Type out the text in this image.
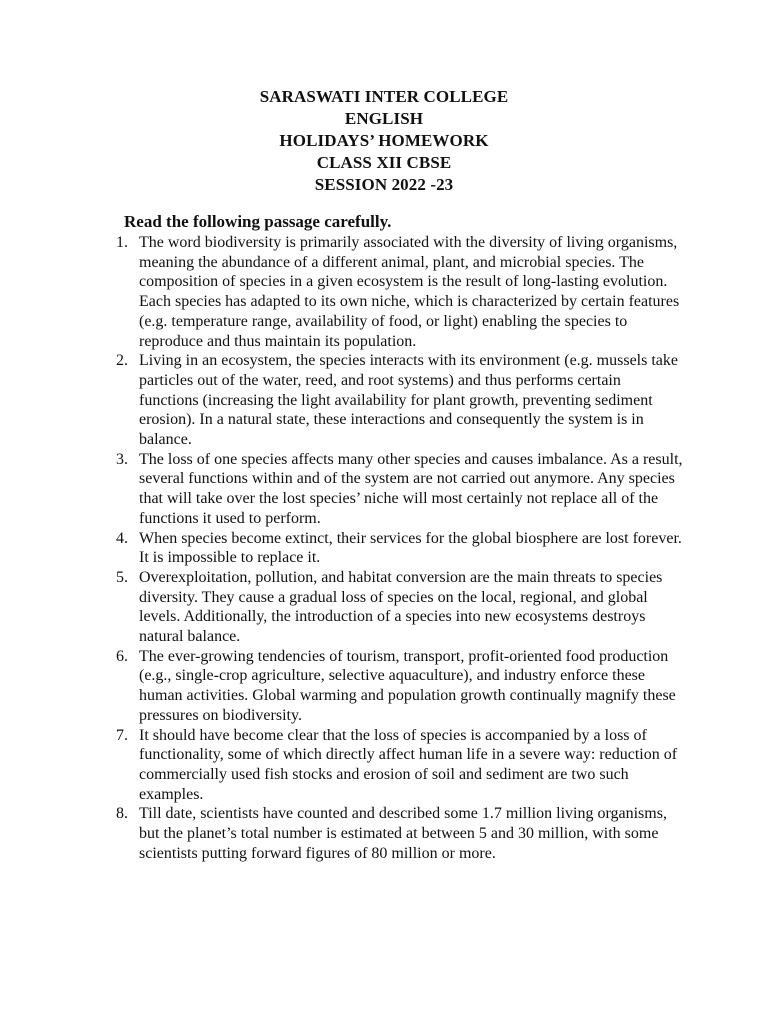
SARASWATI INTER COLLEGE
ENGLISH
HOLIDAYS’ HOMEWORK
CLASS XII CBSE
SESSION 2022 -23
Read the following passage carefully.
1. The word biodiversity is primarily associated with the diversity of living organisms, meaning the abundance of a different animal, plant, and microbial species. The composition of species in a given ecosystem is the result of long-lasting evolution. Each species has adapted to its own niche, which is characterized by certain features (e.g. temperature range, availability of food, or light) enabling the species to reproduce and thus maintain its population.
2. Living in an ecosystem, the species interacts with its environment (e.g. mussels take particles out of the water, reed, and root systems) and thus performs certain functions (increasing the light availability for plant growth, preventing sediment erosion). In a natural state, these interactions and consequently the system is in balance.
3. The loss of one species affects many other species and causes imbalance. As a result, several functions within and of the system are not carried out anymore. Any species that will take over the lost species’ niche will most certainly not replace all of the functions it used to perform.
4. When species become extinct, their services for the global biosphere are lost forever. It is impossible to replace it.
5. Overexploitation, pollution, and habitat conversion are the main threats to species diversity. They cause a gradual loss of species on the local, regional, and global levels. Additionally, the introduction of a species into new ecosystems destroys natural balance.
6. The ever-growing tendencies of tourism, transport, profit-oriented food production (e.g., single-crop agriculture, selective aquaculture), and industry enforce these human activities. Global warming and population growth continually magnify these pressures on biodiversity.
7. It should have become clear that the loss of species is accompanied by a loss of functionality, some of which directly affect human life in a severe way: reduction of commercially used fish stocks and erosion of soil and sediment are two such examples.
8. Till date, scientists have counted and described some 1.7 million living organisms, but the planet’s total number is estimated at between 5 and 30 million, with some scientists putting forward figures of 80 million or more.
